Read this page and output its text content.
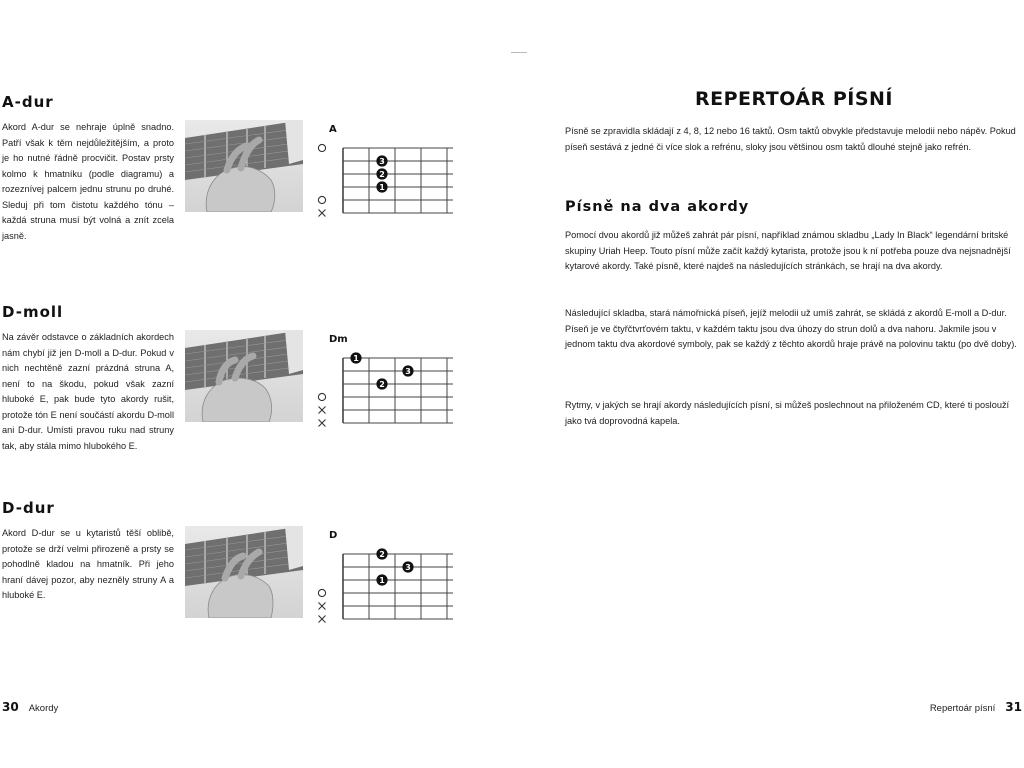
A-dur

Akord A-dur se nehraje úplně snadno. Patří však k těm nejdůležitějším, a proto je ho nutné řádně procvičit. Postav prsty kolmo k hmatníku (podle diagramu) a rozeznívej palcem jednu strunu po druhé. Sleduj při tom čistotu každého tónu – každá struna musí být volná a znít zcela jasně.

A
3
2
1
D-moll

Na závěr odstavce o základních akordech nám chybí již jen D-moll a D-dur. Pokud v nich nechtěně zazní prázdná struna A, není to na škodu, pokud však zazní hluboké E, pak bude tyto akordy rušit, protože tón E není součástí akordu D-moll ani D-dur. Umísti pravou ruku nad struny tak, aby stála mimo hlubokého E.

Dm
1
2
3
D-dur

Akord D-dur se u kytaristů těší oblibě, protože se drží velmi přirozeně a prsty se pohodlně kladou na hmatník. Při jeho hraní dávej pozor, aby nezněly struny A a hluboké E.

D
3
2
1
30 Akordy
REPERTOÁR PÍSNÍ

Písně se zpravidla skládají z 4, 8, 12 nebo 16 taktů. Osm taktů obvykle představuje melodii nebo nápěv. Pokud píseň sestává z jedné či více slok a refrénu, sloky jsou většinou osm taktů dlouhé stejně jako refrén.

Písně na dva akordy

Pomocí dvou akordů již můžeš zahrát pár písní, například známou skladbu „Lady In Black“ legendární britské skupiny Uriah Heep. Touto písní může začít každý kytarista, protože jsou k ní potřeba pouze dva nejsnadnější kytarové akordy. Také písně, které najdeš na následujících stránkách, se hrají na dva akordy.

Následující skladba, stará námořnická píseň, jejíž melodii už umíš zahrát, se skládá z akordů E-moll a D-dur. Píseň je ve čtyřčtvrťovém taktu, v každém taktu jsou dva úhozy do strun dolů a dva nahoru. Jakmile jsou v jednom taktu dva akordové symboly, pak se každý z těchto akordů hraje právě na polovinu taktu (po dvě doby).

Rytmy, v jakých se hrají akordy následujících písní, si můžeš poslechnout na přiloženém CD, které ti poslouží jako tvá doprovodná kapela.

Repertoár písní 31
